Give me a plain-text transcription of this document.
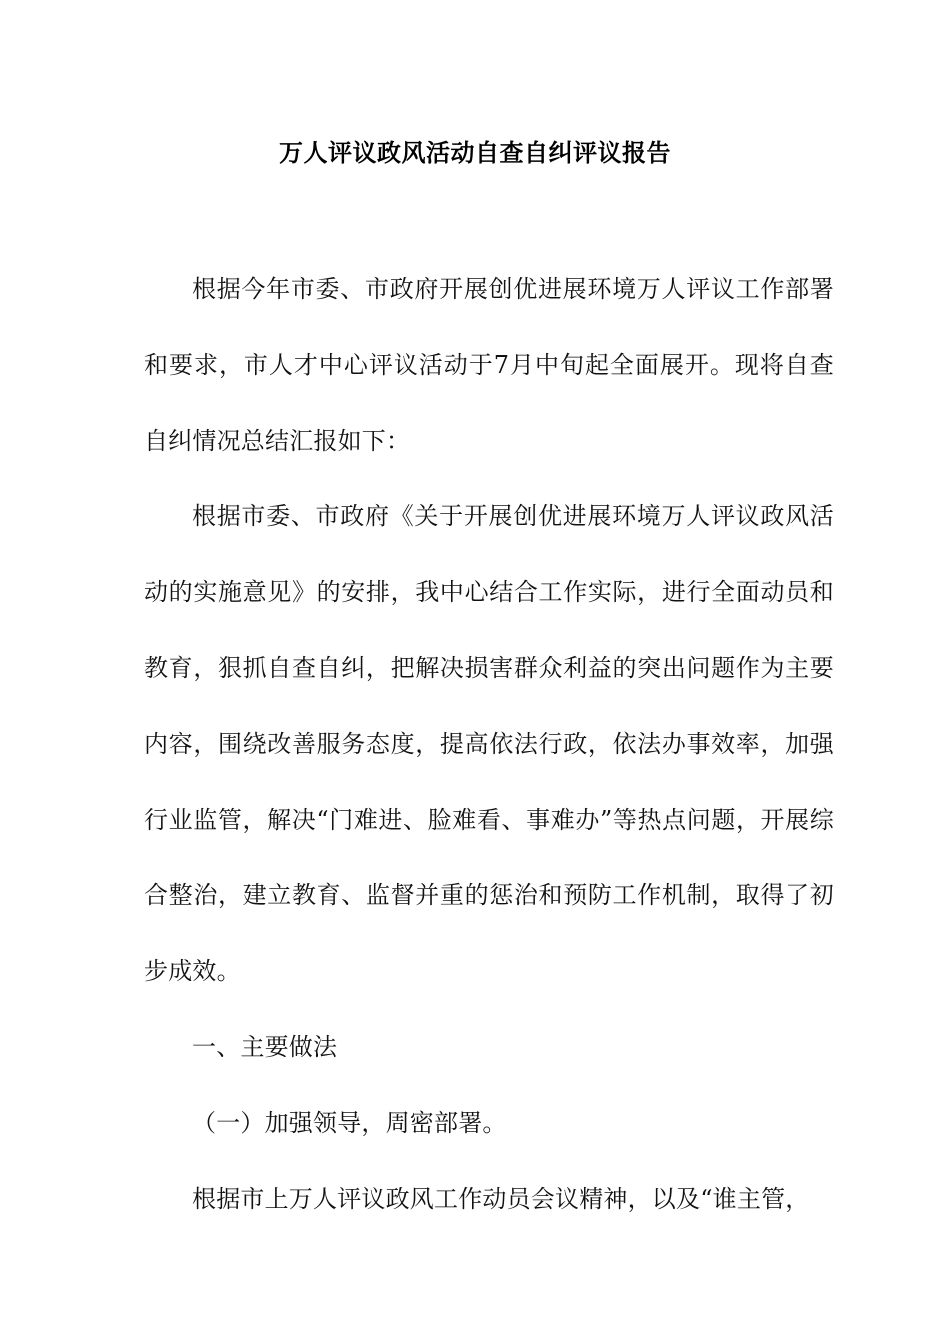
万人评议政风活动自查自纠评议报告

根据今年市委、市政府开展创优进展环境万人评议工作部署和要求，市人才中心评议活动于7月中旬起全面展开。现将自查自纠情况总结汇报如下：

根据市委、市政府《关于开展创优进展环境万人评议政风活动的实施意见》的安排，我中心结合工作实际，进行全面动员和教育，狠抓自查自纠，把解决损害群众利益的突出问题作为主要内容，围绕改善服务态度，提高依法行政，依法办事效率，加强行业监管，解决“门难进、脸难看、事难办”等热点问题，开展综合整治，建立教育、监督并重的惩治和预防工作机制，取得了初步成效。

一、主要做法

（一）加强领导，周密部署。

根据市上万人评议政风工作动员会议精神，以及“谁主管，
